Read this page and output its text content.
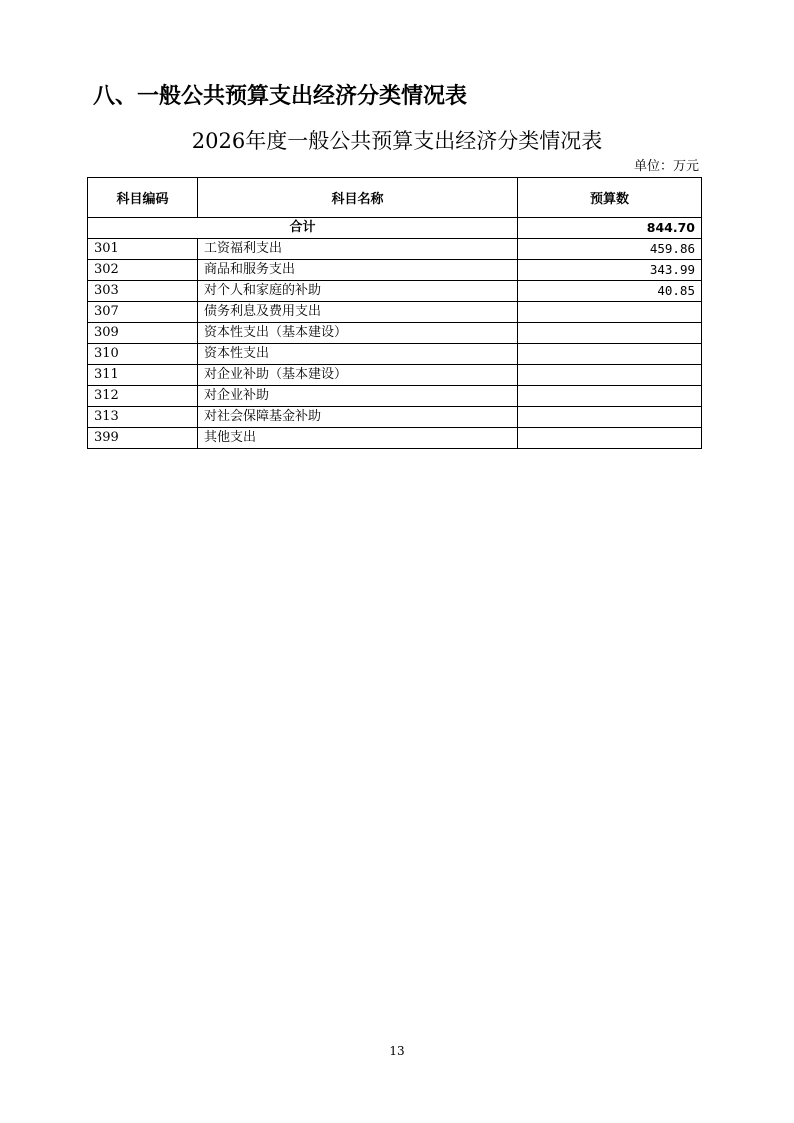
八、一般公共预算支出经济分类情况表
2026年度一般公共预算支出经济分类情况表
单位：万元
科目编码	科目名称	预算数
合计		844.70
301	工资福利支出	459.86
302	商品和服务支出	343.99
303	对个人和家庭的补助	40.85
307	债务利息及费用支出	
309	资本性支出（基本建设）	
310	资本性支出	
311	对企业补助（基本建设）	
312	对企业补助	
313	对社会保障基金补助	
399	其他支出	
13
